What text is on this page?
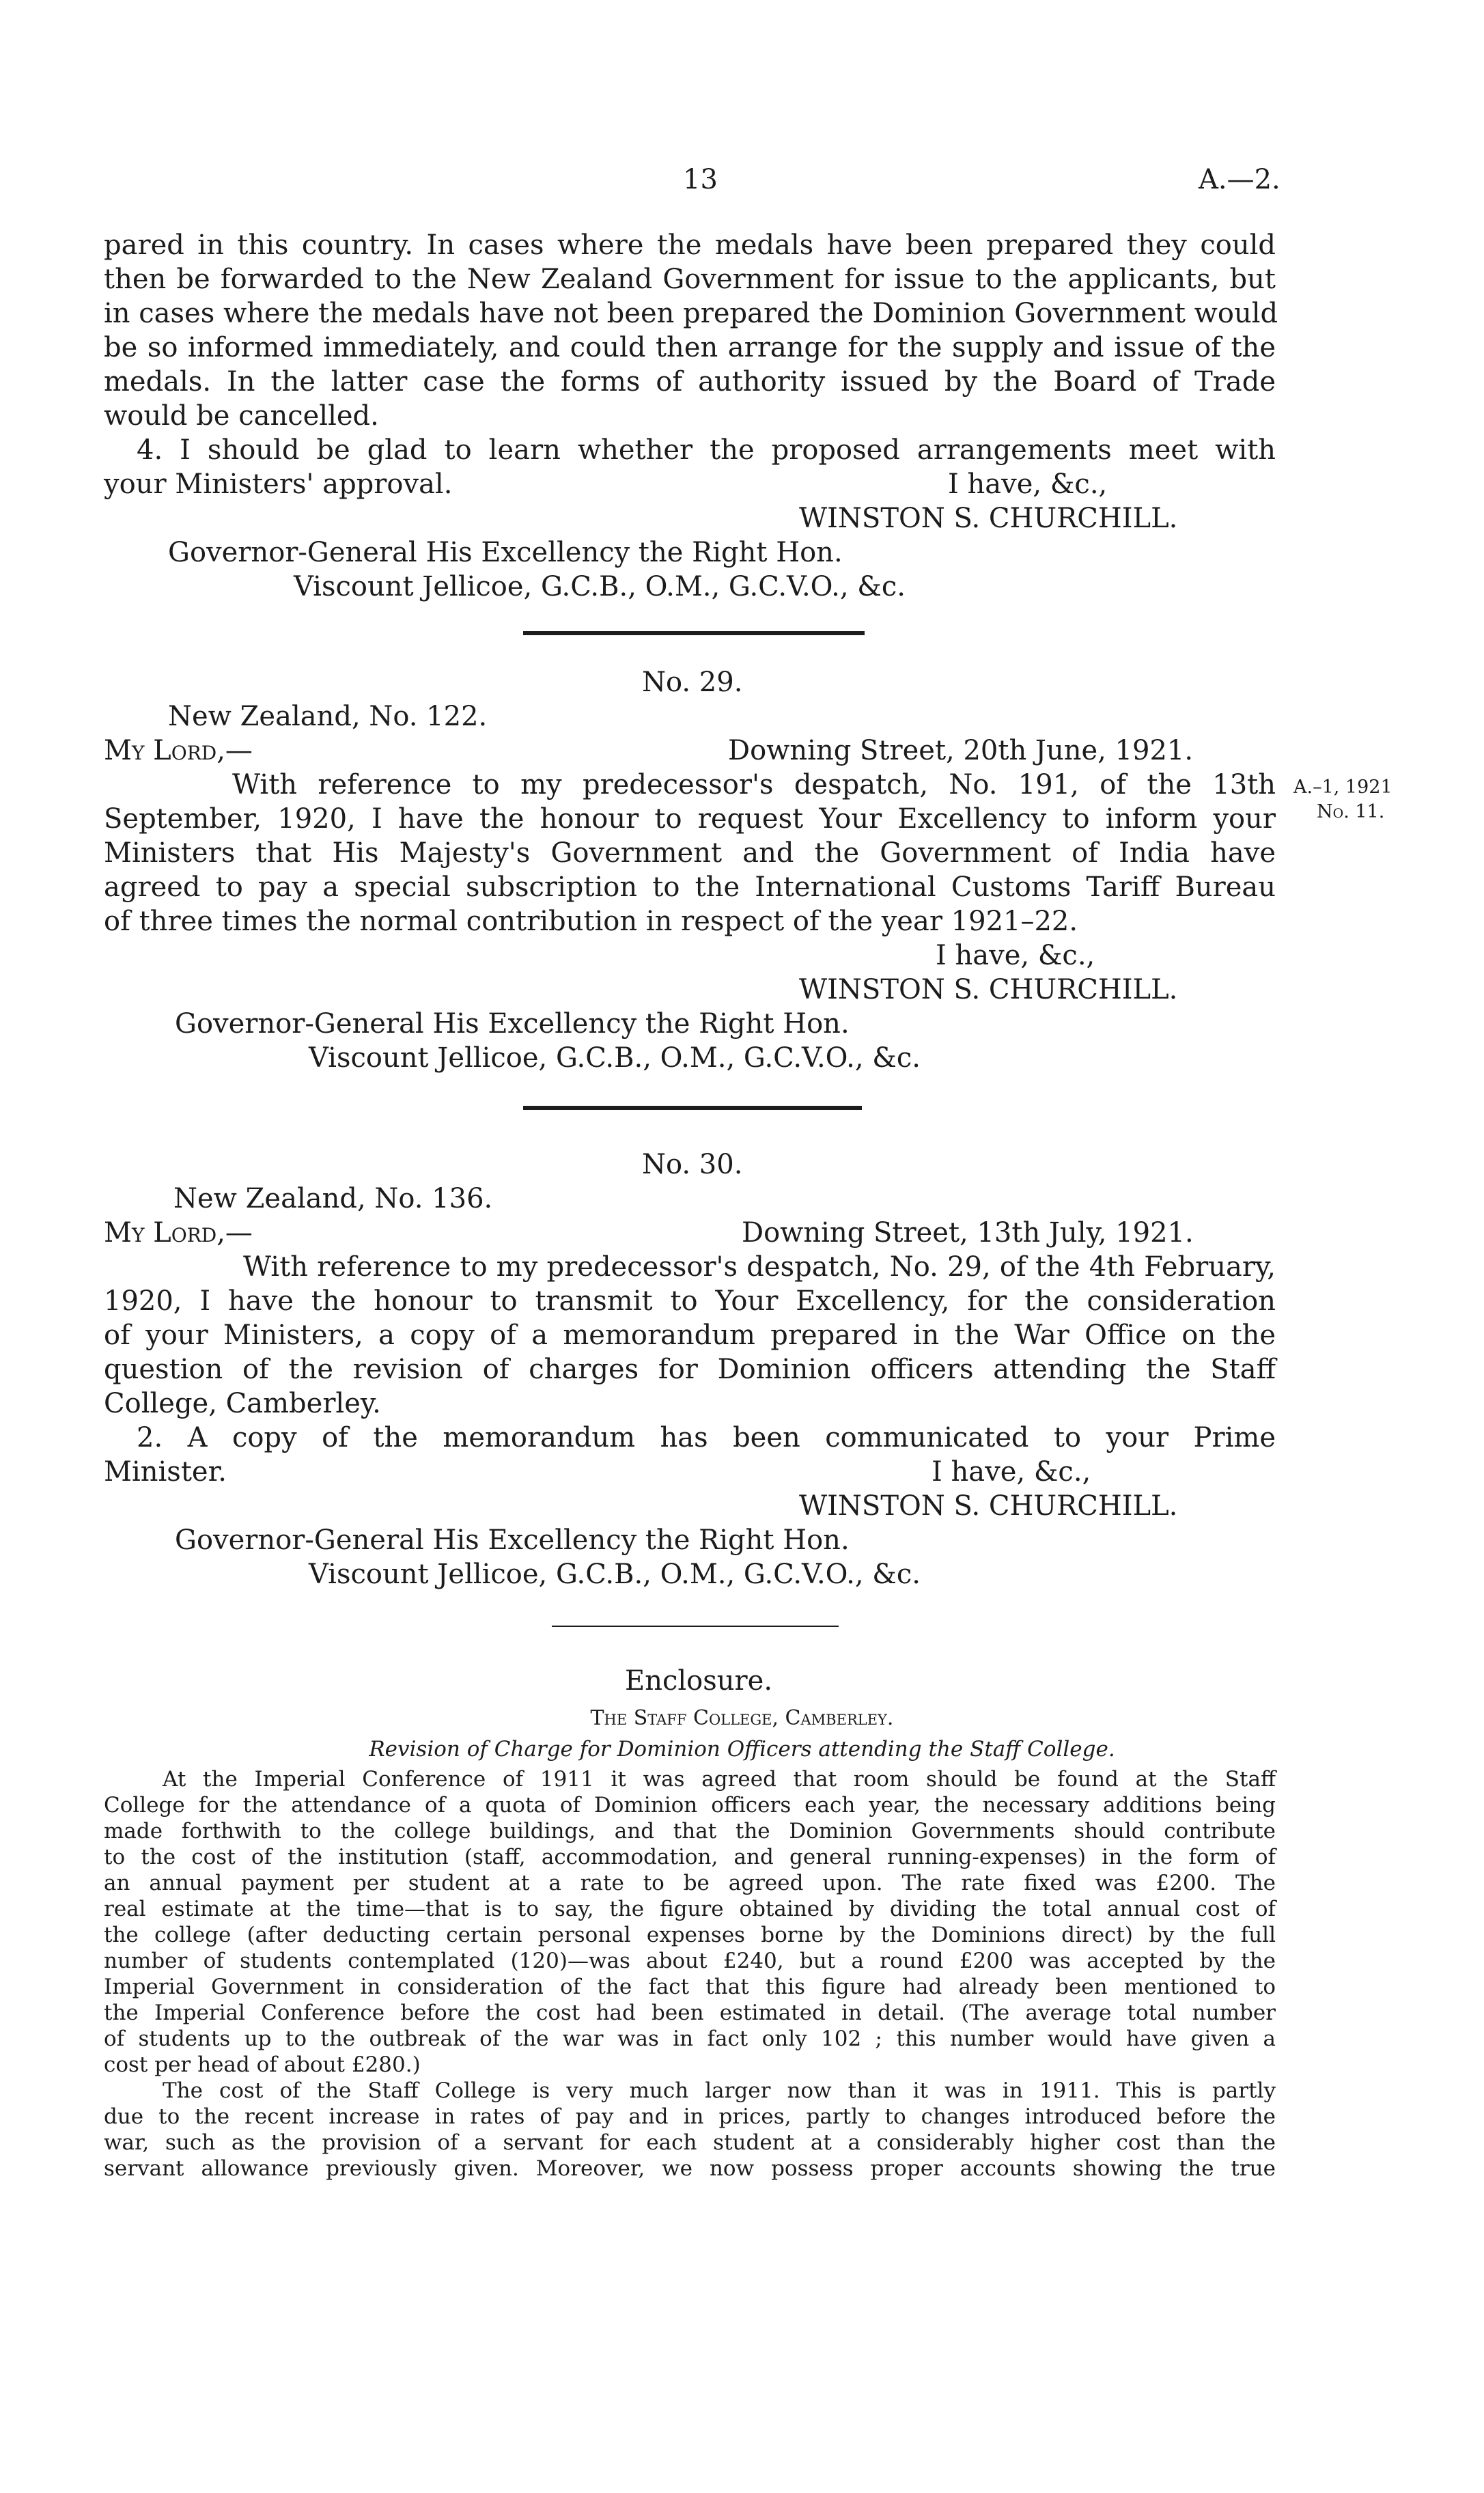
13	A.—2.
pared in this country. In cases where the medals have been prepared they could
then be forwarded to the New Zealand Government for issue to the applicants, but
in cases where the medals have not been prepared the Dominion Government would
be so informed immediately, and could then arrange for the supply and issue of the
medals. In the latter case the forms of authority issued by the Board of Trade
would be cancelled.
4. I should be glad to learn whether the proposed arrangements meet with
your Ministers' approval.	I have, &c.,
WINSTON S. CHURCHILL.
Governor-General His Excellency the Right Hon.
Viscount Jellicoe, G.C.B., O.M., G.C.V.O., &c.
No. 29.
New Zealand, No. 122.
My Lord,—	Downing Street, 20th June, 1921.
With reference to my predecessor's despatch, No. 191, of the 13th
September, 1920, I have the honour to request Your Excellency to inform your
Ministers that His Majesty's Government and the Government of India have
agreed to pay a special subscription to the International Customs Tariff Bureau
of three times the normal contribution in respect of the year 1921–22.
A.–1, 1921
No. 11.
I have, &c.,
WINSTON S. CHURCHILL.
Governor-General His Excellency the Right Hon.
Viscount Jellicoe, G.C.B., O.M., G.C.V.O., &c.
No. 30.
New Zealand, No. 136.
My Lord,—	Downing Street, 13th July, 1921.
With reference to my predecessor's despatch, No. 29, of the 4th February,
1920, I have the honour to transmit to Your Excellency, for the consideration
of your Ministers, a copy of a memorandum prepared in the War Office on the
question of the revision of charges for Dominion officers attending the Staff
College, Camberley.
2. A copy of the memorandum has been communicated to your Prime
Minister.	I have, &c.,
WINSTON S. CHURCHILL.
Governor-General His Excellency the Right Hon.
Viscount Jellicoe, G.C.B., O.M., G.C.V.O., &c.
Enclosure.
The Staff College, Camberley.
Revision of Charge for Dominion Officers attending the Staff College.
At the Imperial Conference of 1911 it was agreed that room should be found at the Staff
College for the attendance of a quota of Dominion officers each year, the necessary additions being
made forthwith to the college buildings, and that the Dominion Governments should contribute
to the cost of the institution (staff, accommodation, and general running-expenses) in the form of
an annual payment per student at a rate to be agreed upon. The rate fixed was £200. The
real estimate at the time—that is to say, the figure obtained by dividing the total annual cost of
the college (after deducting certain personal expenses borne by the Dominions direct) by the full
number of students contemplated (120)—was about £240, but a round £200 was accepted by the
Imperial Government in consideration of the fact that this figure had already been mentioned to
the Imperial Conference before the cost had been estimated in detail. (The average total number
of students up to the outbreak of the war was in fact only 102 ; this number would have given a
cost per head of about £280.)
The cost of the Staff College is very much larger now than it was in 1911. This is partly
due to the recent increase in rates of pay and in prices, partly to changes introduced before the
war, such as the provision of a servant for each student at a considerably higher cost than the
servant allowance previously given. Moreover, we now possess proper accounts showing the true
